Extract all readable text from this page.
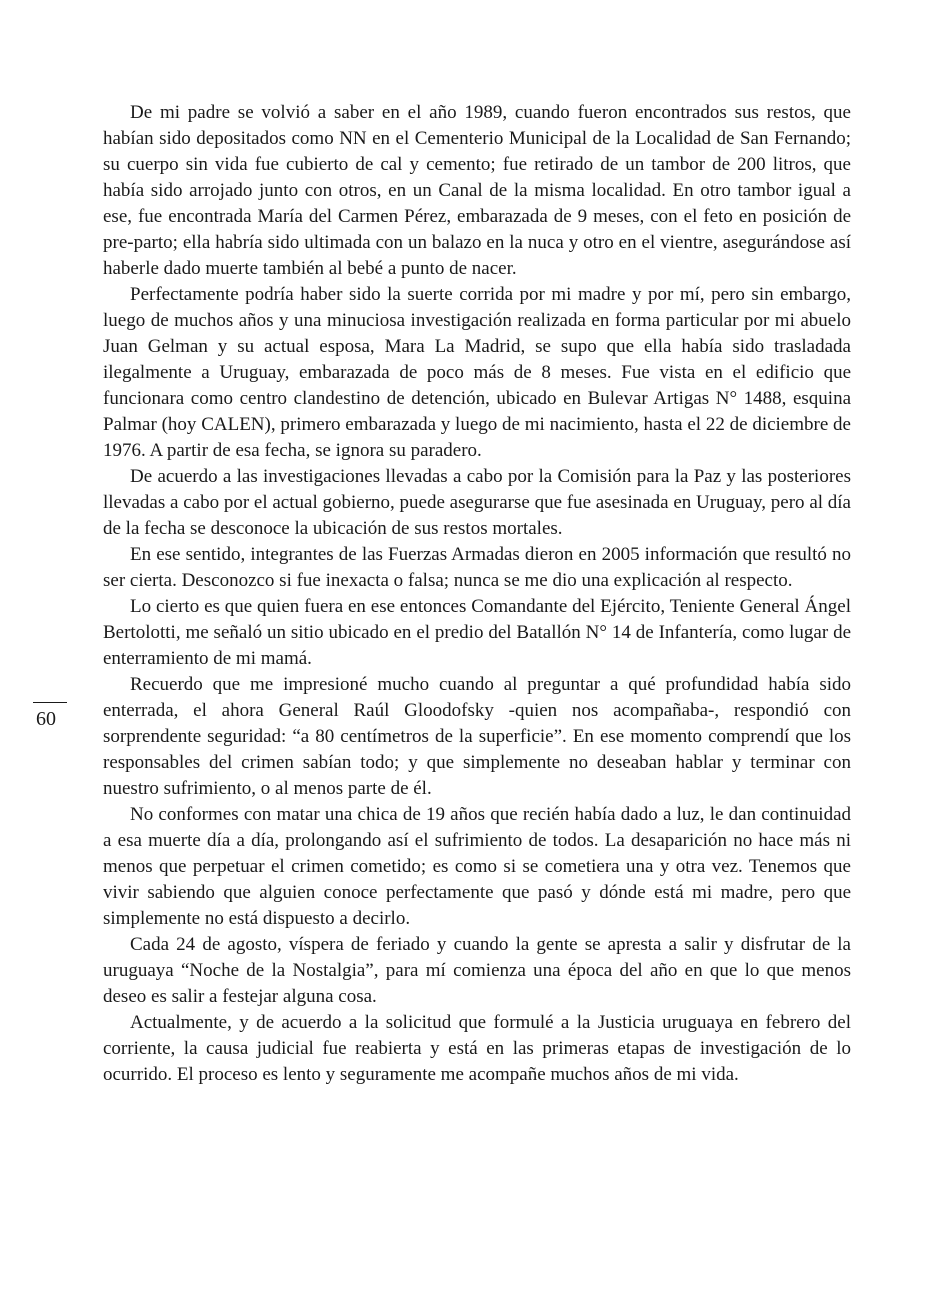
De mi padre se volvió a saber en el año 1989, cuando fueron encontrados sus restos, que habían sido depositados como NN en el Cementerio Municipal de la Localidad de San Fernando; su cuerpo sin vida fue cubierto de cal y cemento; fue retirado de un tambor de 200 litros, que había sido arrojado junto con otros, en un Canal de la misma localidad. En otro tambor igual a ese, fue encontrada María del Carmen Pérez, embarazada de 9 meses, con el feto en posición de pre-parto; ella habría sido ultimada con un balazo en la nuca y otro en el vientre, asegurándose así haberle dado muerte también al bebé a punto de nacer.

Perfectamente podría haber sido la suerte corrida por mi madre y por mí, pero sin embargo, luego de muchos años y una minuciosa investigación realizada en forma particular por mi abuelo Juan Gelman y su actual esposa, Mara La Madrid, se supo que ella había sido trasladada ilegalmente a Uruguay, embarazada de poco más de 8 meses. Fue vista en el edificio que funcionara como centro clandestino de detención, ubicado en Bulevar Artigas N° 1488, esquina Palmar (hoy CALEN), primero embarazada y luego de mi nacimiento, hasta el 22 de diciembre de 1976. A partir de esa fecha, se ignora su paradero.

De acuerdo a las investigaciones llevadas a cabo por la Comisión para la Paz y las posteriores llevadas a cabo por el actual gobierno, puede asegurarse que fue asesinada en Uruguay, pero al día de la fecha se desconoce la ubicación de sus restos mortales.

En ese sentido, integrantes de las Fuerzas Armadas dieron en 2005 información que resultó no ser cierta. Desconozco si fue inexacta o falsa; nunca se me dio una explicación al respecto.

Lo cierto es que quien fuera en ese entonces Comandante del Ejército, Teniente General Ángel Bertolotti, me señaló un sitio ubicado en el predio del Batallón N° 14 de Infantería, como lugar de enterramiento de mi mamá.

Recuerdo que me impresioné mucho cuando al preguntar a qué profundidad había sido enterrada, el ahora General Raúl Gloodofsky -quien nos acompañaba-, respondió con sorprendente seguridad: “a 80 centímetros de la superficie”. En ese momento comprendí que los responsables del crimen sabían todo; y que simplemente no deseaban hablar y terminar con nuestro sufrimiento, o al menos parte de él.

No conformes con matar una chica de 19 años que recién había dado a luz, le dan continuidad a esa muerte día a día, prolongando así el sufrimiento de todos. La desaparición no hace más ni menos que perpetuar el crimen cometido; es como si se cometiera una y otra vez. Tenemos que vivir sabiendo que alguien conoce perfectamente que pasó y dónde está mi madre, pero que simplemente no está dispuesto a decirlo.

Cada 24 de agosto, víspera de feriado y cuando la gente se apresta a salir y disfrutar de la uruguaya “Noche de la Nostalgia”, para mí comienza una época del año en que lo que menos deseo es salir a festejar alguna cosa.

Actualmente, y de acuerdo a la solicitud que formulé a la Justicia uruguaya en febrero del corriente, la causa judicial fue reabierta y está en las primeras etapas de investigación de lo ocurrido. El proceso es lento y seguramente me acompañe muchos años de mi vida.

60
